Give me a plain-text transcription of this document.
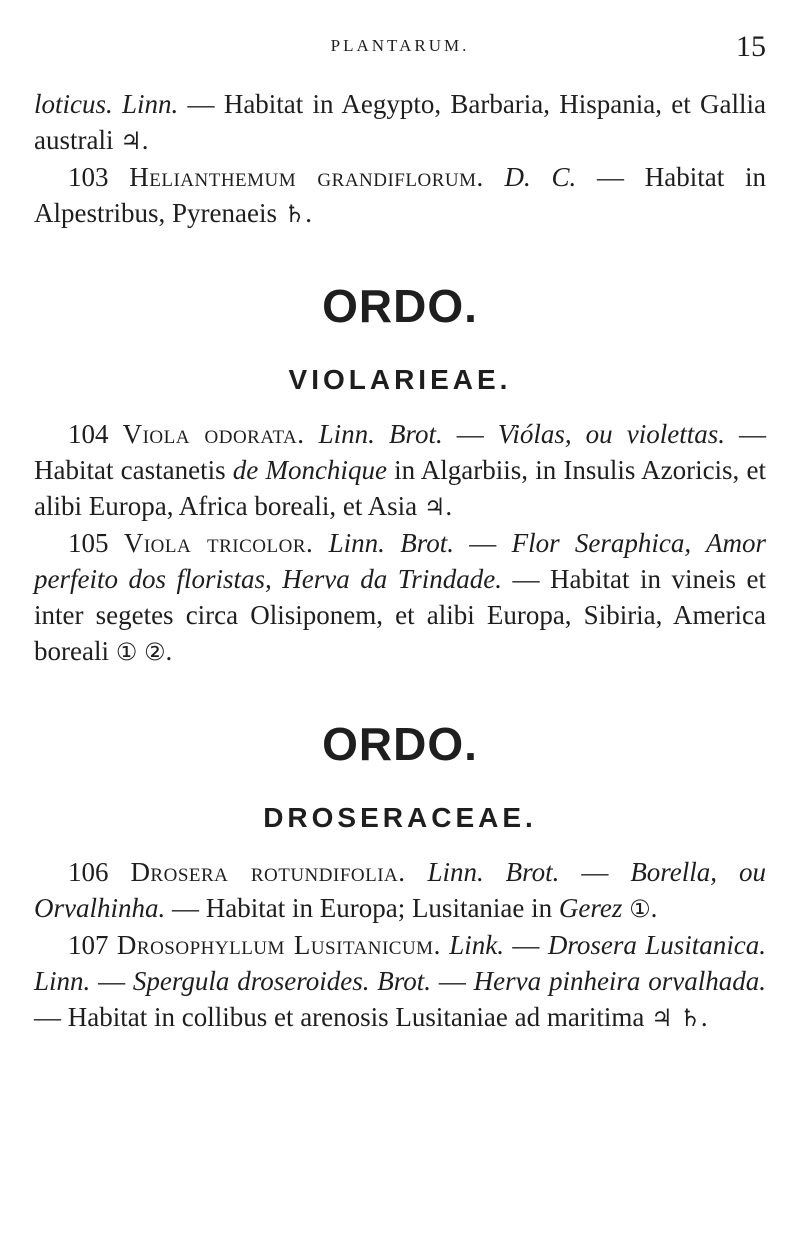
PLANTARUM.	15

loticus. Linn. — Habitat in Aegypto, Barbaria, Hispania, et Gallia australi ♃.

103 Helianthemum grandiflorum. D. C. — Habitat in Alpestribus, Pyrenaeis ♄.

ORDO.
VIOLARIEAE.

104 Viola odorata. Linn. Brot. — Viólas, ou violettas. — Habitat castanetis de Monchique in Algarbiis, in Insulis Azoricis, et alibi Europa, Africa boreali, et Asia ♃.

105 Viola tricolor. Linn. Brot. — Flor Seraphica, Amor perfeito dos floristas, Herva da Trindade. — Habitat in vineis et inter segetes circa Olisiponem, et alibi Europa, Sibiria, America boreali ① ②.

ORDO.
DROSERACEAE.

106 Drosera rotundifolia. Linn. Brot. — Borella, ou Orvalhinha. — Habitat in Europa; Lusitaniae in Gerez ①.

107 Drosophyllum Lusitanicum. Link. — Drosera Lusitanica. Linn. — Spergula droseroides. Brot. — Herva pinheira orvalhada. — Habitat in collibus et arenosis Lusitaniae ad maritima ♃ ♄.
